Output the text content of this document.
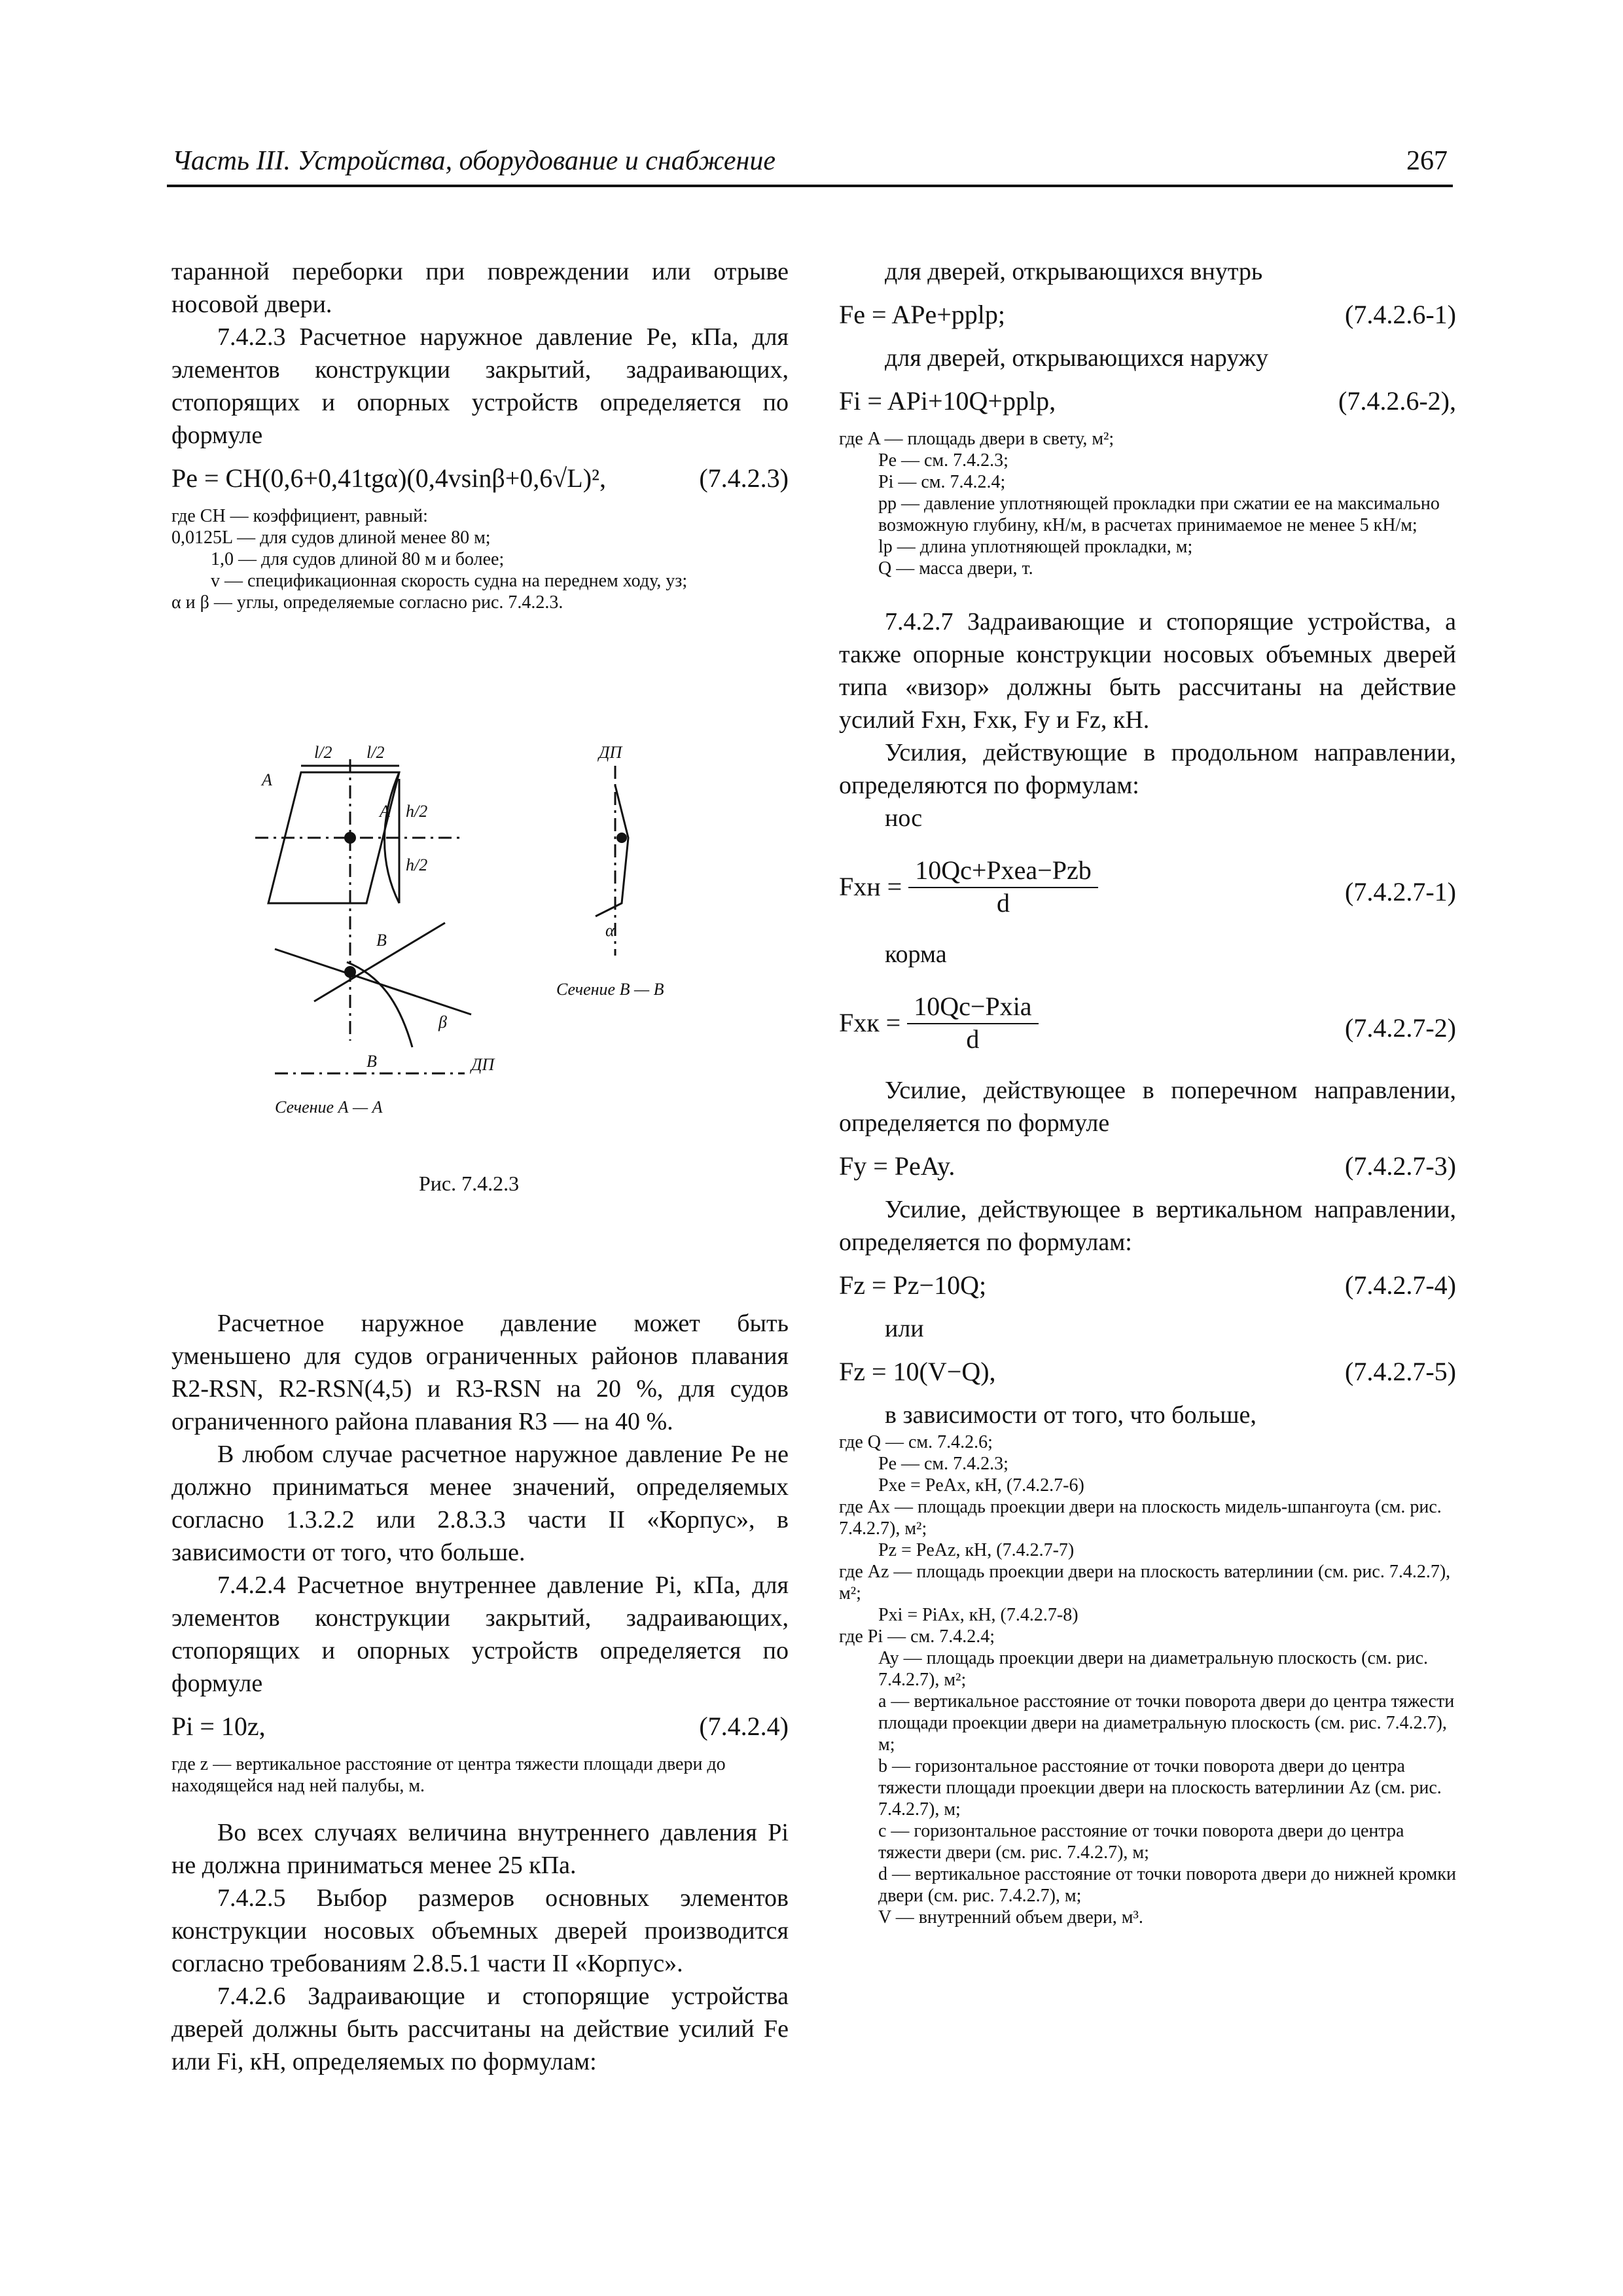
Часть III. Устройства, оборудование и снабжение	267

таранной переборки при повреждении или отрыве носовой двери.

7.4.2.3 Расчетное наружное давление Pe, кПа, для элементов конструкции закрытий, задраивающих, стопорящих и опорных устройств определяется по формуле

Pe = CH(0,6+0,41tgα)(0,4vsinβ+0,6√L)²,	(7.4.2.3)

где CH — коэффициент, равный:

0,0125L — для судов длиной менее 80 м;

1,0 — для судов длиной 80 м и более;

v — спецификационная скорость судна на переднем ходу, уз;

α и β — углы, определяемые согласно рис. 7.4.2.3.

Расчетное наружное давление может быть уменьшено для судов ограниченных районов плавания R2-RSN, R2-RSN(4,5) и R3-RSN на 20 %, для судов ограниченного района плавания R3 — на 40 %.

В любом случае расчетное наружное давление Pe не должно приниматься менее значений, определяемых согласно 1.3.2.2 или 2.8.3.3 части II «Корпус», в зависимости от того, что больше.

7.4.2.4 Расчетное внутреннее давление Pi, кПа, для элементов конструкции закрытий, задраивающих, стопорящих и опорных устройств определяется по формуле

Pi = 10z,	(7.4.2.4)

где z — вертикальное расстояние от центра тяжести площади двери до находящейся над ней палубы, м.

Во всех случаях величина внутреннего давления Pi не должна приниматься менее 25 кПа.

7.4.2.5 Выбор размеров основных элементов конструкции носовых объемных дверей производится согласно требованиям 2.8.5.1 части II «Корпус».

7.4.2.6 Задраивающие и стопорящие устройства дверей должны быть рассчитаны на действие усилий Fe или Fi, кН, определяемых по формулам:

l/2 l/2
A
A h/2
h/2
ДП
B
B
β
ДП
α
Сечение В — В
Сечение А — А
Рис. 7.4.2.3

для дверей, открывающихся внутрь

Fe = APe+pplp;	(7.4.2.6-1)

для дверей, открывающихся наружу

Fi = APi+10Q+pplp,	(7.4.2.6-2),

где A — площадь двери в свету, м²;

Pe — см. 7.4.2.3;

Pi — см. 7.4.2.4;

pp — давление уплотняющей прокладки при сжатии ее на максимально возможную глубину, кН/м, в расчетах принимаемое не менее 5 кН/м;

lp — длина уплотняющей прокладки, м;

Q — масса двери, т.

7.4.2.7 Задраивающие и стопорящие устройства, а также опорные конструкции носовых объемных дверей типа «визор» должны быть рассчитаны на действие усилий Fxн, Fxк, Fy и Fz, кН.

Усилия, действующие в продольном направлении, определяются по формулам:

нос

Fxн = $\frac{\text{10Qc+Pxea−Pzb}}{d}$	(7.4.2.7-1)

корма

Fxк = $\frac{\text{10Qc−Pxia}}{d}$	(7.4.2.7-2)

Усилие, действующее в поперечном направлении, определяется по формуле

Fy = PeAy.	(7.4.2.7-3)

Усилие, действующее в вертикальном направлении, определяется по формулам:

Fz = Pz−10Q;	(7.4.2.7-4)

или

Fz = 10(V−Q),	(7.4.2.7-5)

в зависимости от того, что больше,

где Q — см. 7.4.2.6;

Pe — см. 7.4.2.3;

Pxe = PeAx, кН, (7.4.2.7-6)

где Ax — площадь проекции двери на плоскость мидель-шпангоута (см. рис. 7.4.2.7), м²;

Pz = PeAz, кН, (7.4.2.7-7)

где Az — площадь проекции двери на плоскость ватерлинии (см. рис. 7.4.2.7), м²;

Pxi = PiAx, кН, (7.4.2.7-8)

где Pi — см. 7.4.2.4;

Ay — площадь проекции двери на диаметральную плоскость (см. рис. 7.4.2.7), м²;

a — вертикальное расстояние от точки поворота двери до центра тяжести площади проекции двери на диаметральную плоскость (см. рис. 7.4.2.7), м;

b — горизонтальное расстояние от точки поворота двери до центра тяжести площади проекции двери на плоскость ватерлинии Az (см. рис. 7.4.2.7), м;

c — горизонтальное расстояние от точки поворота двери до центра тяжести двери (см. рис. 7.4.2.7), м;

d — вертикальное расстояние от точки поворота двери до нижней кромки двери (см. рис. 7.4.2.7), м;

V — внутренний объем двери, м³.
